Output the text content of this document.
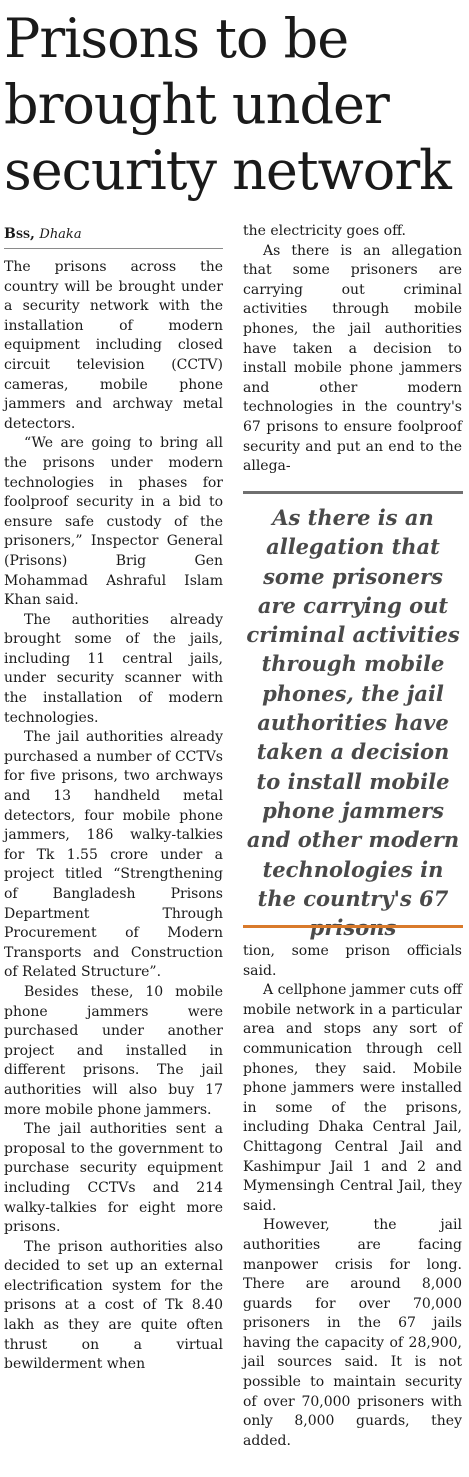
Prisons to be brought under security network
Bss, Dhaka

The prisons across the country will be brought under a security network with the installation of modern equipment including closed circuit television (CCTV) cameras, mobile phone jammers and archway metal detectors.

“We are going to bring all the prisons under modern technologies in phases for foolproof security in a bid to ensure safe custody of the prisoners,” Inspector General (Prisons) Brig Gen Mohammad Ashraful Islam Khan said.

The authorities already brought some of the jails, including 11 central jails, under security scanner with the installation of modern technologies.

The jail authorities already purchased a number of CCTVs for five prisons, two archways and 13 handheld metal detectors, four mobile phone jammers, 186 walky-talkies for Tk 1.55 crore under a project titled “Strengthening of Bangladesh Prisons Department Through Procurement of Modern Transports and Construction of Related Structure”.

Besides these, 10 mobile phone jammers were purchased under another project and installed in different prisons. The jail authorities will also buy 17 more mobile phone jammers.

The jail authorities sent a proposal to the government to purchase security equipment including CCTVs and 214 walky-talkies for eight more prisons.

The prison authorities also decided to set up an external electrification system for the prisons at a cost of Tk 8.40 lakh as they are quite often thrust on a virtual bewilderment when

the electricity goes off.

As there is an allegation that some prisoners are carrying out criminal activities through mobile phones, the jail authorities have taken a decision to install mobile phone jammers and other modern technologies in the country's 67 prisons to ensure foolproof security and put an end to the allega-

As there is an allegation that some prisoners are carrying out criminal activities through mobile phones, the jail authorities have taken a decision to install mobile phone jammers and other modern technologies in the country's 67

tion, some prison officials said.

A cellphone jammer cuts off mobile network in a particular area and stops any sort of communication through cell phones, they said. Mobile phone jammers were installed in some of the prisons, including Dhaka Central Jail, Chittagong Central Jail and Kashimpur Jail 1 and 2 and Mymensingh Central Jail, they said.

However, the jail authorities are facing manpower crisis for long. There are around 8,000 guards for over 70,000 prisoners in the 67 jails having the capacity of 28,900, jail sources said. It is not possible to maintain security of over 70,000 prisoners with only 8,000 guards, they added.
